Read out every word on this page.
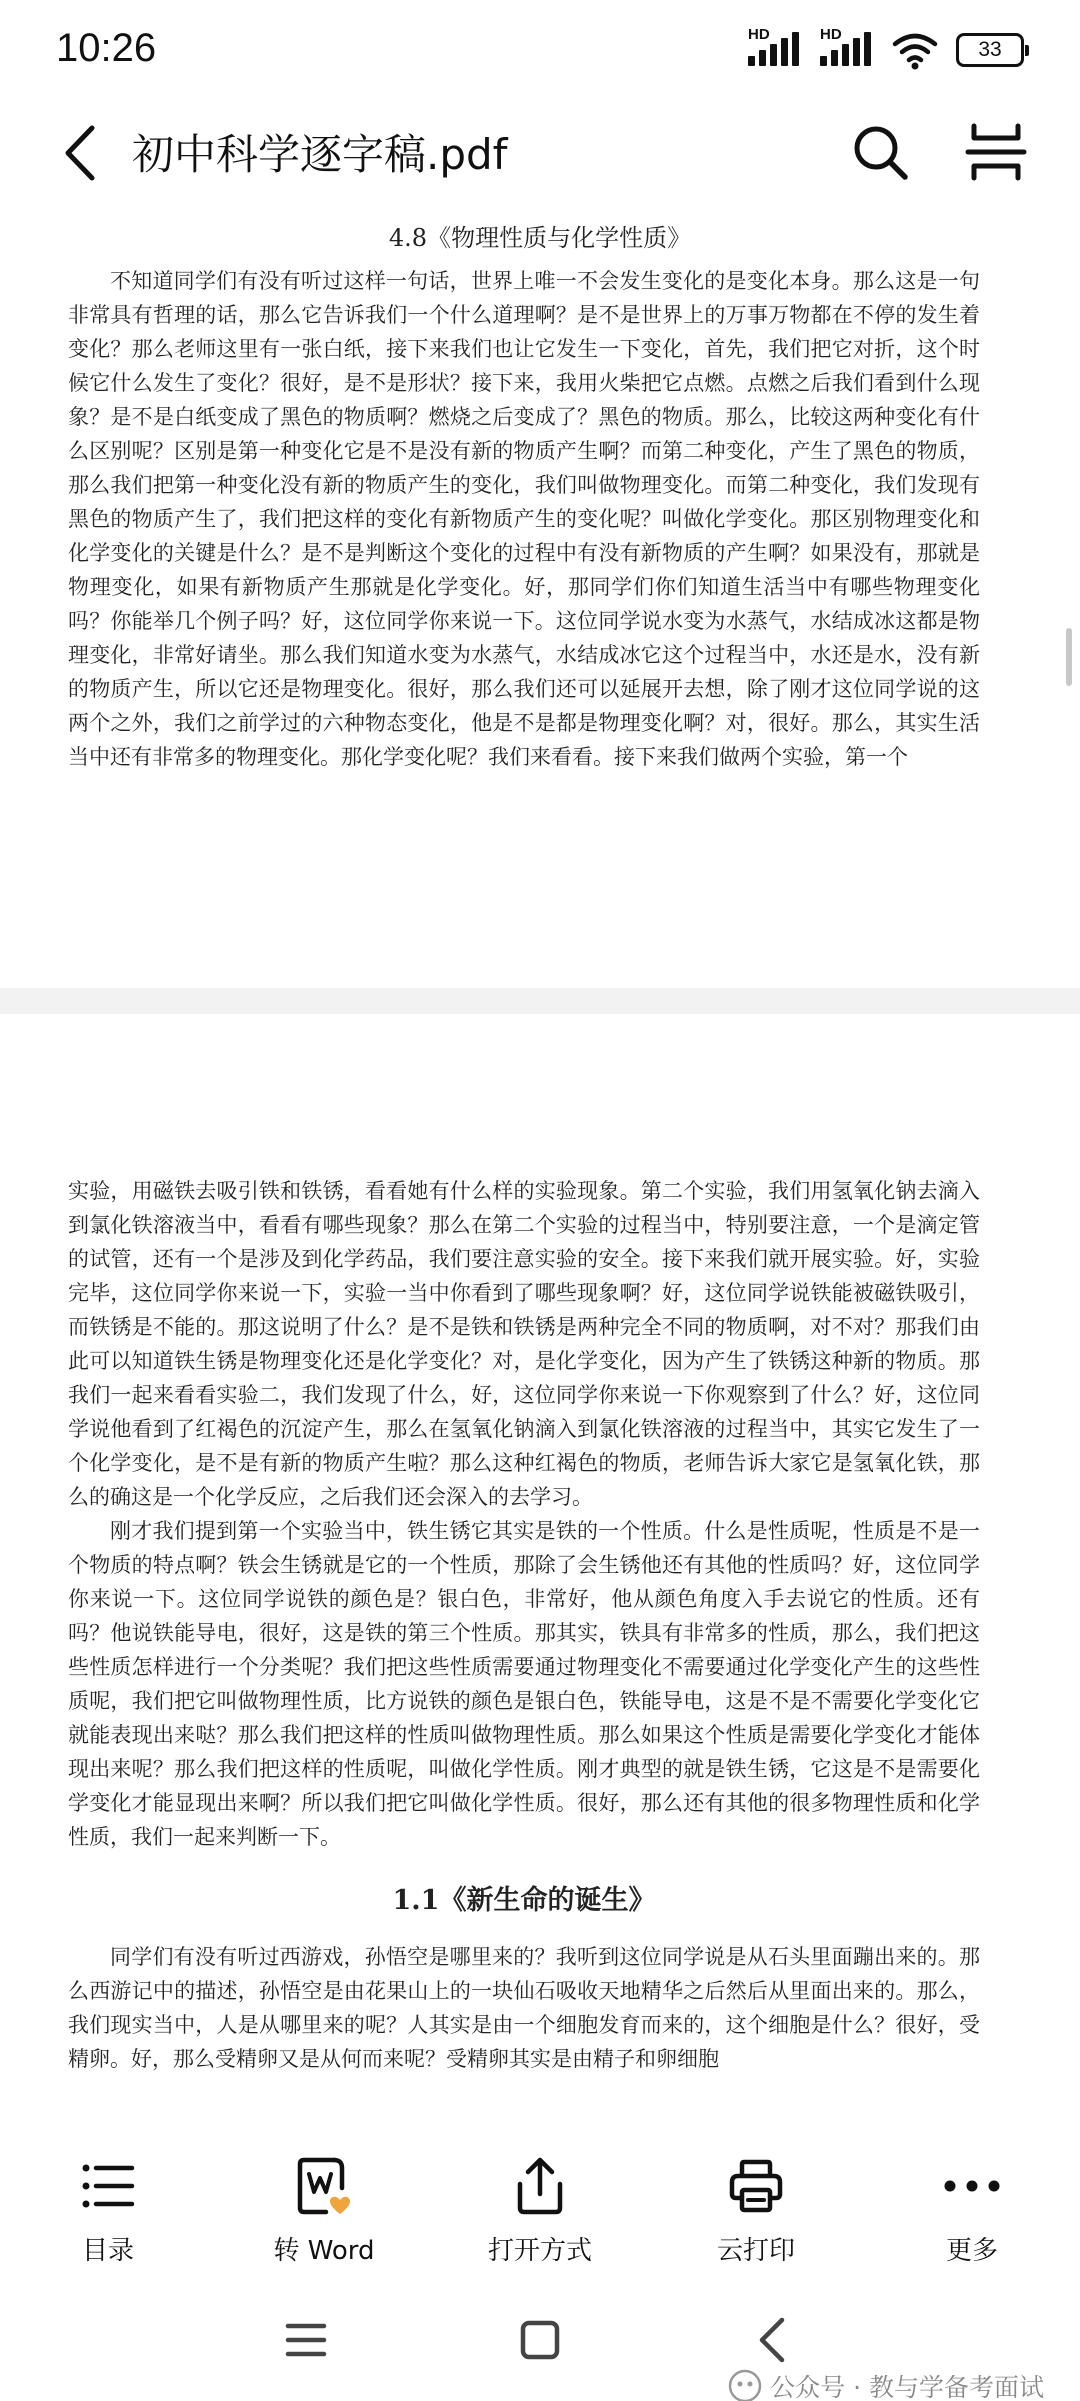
10:26	HD	HD
33
初中科学逐字稿.pdf
4.8《物理性质与化学性质》

不知道同学们有没有听过这样一句话，世界上唯一不会发生变化的是变化本身。那么这是一句非常具有哲理的话，那么它告诉我们一个什么道理啊？是不是世界上的万事万物都在不停的发生着变化？那么老师这里有一张白纸，接下来我们也让它发生一下变化，首先，我们把它对折，这个时候它什么发生了变化？很好，是不是形状？接下来，我用火柴把它点燃。点燃之后我们看到什么现象？是不是白纸变成了黑色的物质啊？燃烧之后变成了？黑色的物质。那么，比较这两种变化有什么区别呢？区别是第一种变化它是不是没有新的物质产生啊？而第二种变化，产生了黑色的物质，那么我们把第一种变化没有新的物质产生的变化，我们叫做物理变化。而第二种变化，我们发现有黑色的物质产生了，我们把这样的变化有新物质产生的变化呢？叫做化学变化。那区别物理变化和化学变化的关键是什么？是不是判断这个变化的过程中有没有新物质的产生啊？如果没有，那就是物理变化，如果有新物质产生那就是化学变化。好，那同学们你们知道生活当中有哪些物理变化吗？你能举几个例子吗？好，这位同学你来说一下。这位同学说水变为水蒸气，水结成冰这都是物理变化，非常好请坐。那么我们知道水变为水蒸气，水结成冰它这个过程当中，水还是水，没有新的物质产生，所以它还是物理变化。很好，那么我们还可以延展开去想，除了刚才这位同学说的这两个之外，我们之前学过的六种物态变化，他是不是都是物理变化啊？对，很好。那么，其实生活当中还有非常多的物理变化。那化学变化呢？我们来看看。接下来我们做两个实验，第一个

实验，用磁铁去吸引铁和铁锈，看看她有什么样的实验现象。第二个实验，我们用氢氧化钠去滴入到氯化铁溶液当中，看看有哪些现象？那么在第二个实验的过程当中，特别要注意，一个是滴定管的试管，还有一个是涉及到化学药品，我们要注意实验的安全。接下来我们就开展实验。好，实验完毕，这位同学你来说一下，实验一当中你看到了哪些现象啊？好，这位同学说铁能被磁铁吸引，而铁锈是不能的。那这说明了什么？是不是铁和铁锈是两种完全不同的物质啊，对不对？那我们由此可以知道铁生锈是物理变化还是化学变化？对，是化学变化，因为产生了铁锈这种新的物质。那我们一起来看看实验二，我们发现了什么，好，这位同学你来说一下你观察到了什么？好，这位同学说他看到了红褐色的沉淀产生，那么在氢氧化钠滴入到氯化铁溶液的过程当中，其实它发生了一个化学变化，是不是有新的物质产生啦？那么这种红褐色的物质，老师告诉大家它是氢氧化铁，那么的确这是一个化学反应，之后我们还会深入的去学习。

刚才我们提到第一个实验当中，铁生锈它其实是铁的一个性质。什么是性质呢，性质是不是一个物质的特点啊？铁会生锈就是它的一个性质，那除了会生锈他还有其他的性质吗？好，这位同学你来说一下。这位同学说铁的颜色是？银白色，非常好，他从颜色角度入手去说它的性质。还有吗？他说铁能导电，很好，这是铁的第三个性质。那其实，铁具有非常多的性质，那么，我们把这些性质怎样进行一个分类呢？我们把这些性质需要通过物理变化不需要通过化学变化产生的这些性质呢，我们把它叫做物理性质，比方说铁的颜色是银白色，铁能导电，这是不是不需要化学变化它就能表现出来哒？那么我们把这样的性质叫做物理性质。那么如果这个性质是需要化学变化才能体现出来呢？那么我们把这样的性质呢，叫做化学性质。刚才典型的就是铁生锈，它这是不是需要化学变化才能显现出来啊？所以我们把它叫做化学性质。很好，那么还有其他的很多物理性质和化学性质，我们一起来判断一下。

1.1《新生命的诞生》

同学们有没有听过西游戏，孙悟空是哪里来的？我听到这位同学说是从石头里面蹦出来的。那么西游记中的描述，孙悟空是由花果山上的一块仙石吸收天地精华之后然后从里面出来的。那么，我们现实当中，人是从哪里来的呢？人其实是由一个细胞发育而来的，这个细胞是什么？很好，受精卵。好，那么受精卵又是从何而来呢？受精卵其实是由精子和卵细胞

目录	转 Word	打开方式	云打印	更多
公众号 · 教与学备考面试
